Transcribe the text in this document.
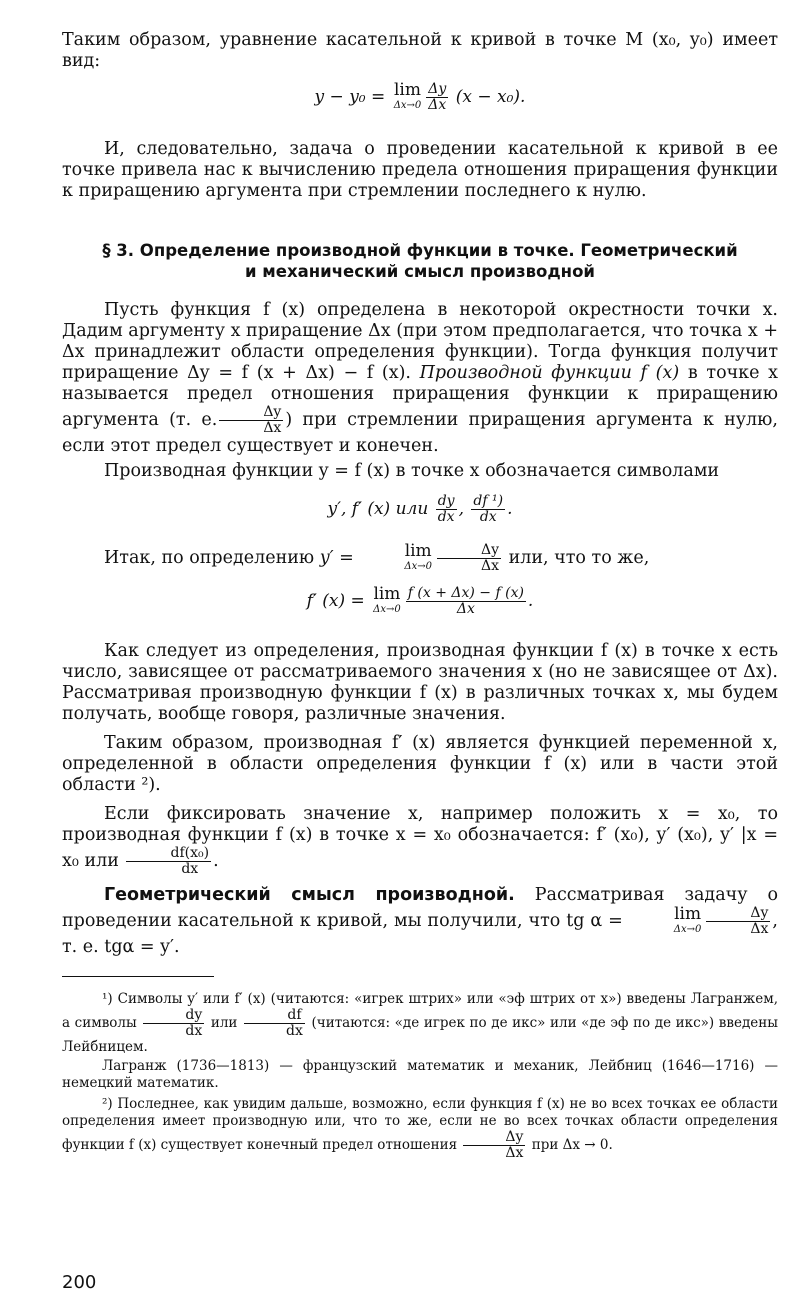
Таким образом, уравнение касательной к кривой в точке M (x₀, y₀) имеет вид:

y − y₀ = lim
$\Delta x\to 0 \frac{\Delta y}{\Delta x} (x - x_0)$.

И, следовательно, задача о проведении касательной к кривой в ее точке привела нас к вычислению предела отношения приращения функции к приращению аргумента при стремлении последнего к нулю.

§ 3. Определение производной функции в точке. Геометрический

и механический смысл производной

Пусть функция f (x) определена в некоторой окрестности точки x. Дадим аргументу x приращение Δx (при этом предполагается, что точка x + Δx принадлежит области определения функции). Тогда функция получит приращение Δy = f (x + Δx) − f (x). Производной функции f (x) в точке x называется предел отношения приращения функции к приращению аргумента (т. е. $\frac{\Delta y}{\Delta x}$ ) при стремлении приращения аргумента к нулю, если этот предел существует и конечен.

Производная функции y = f (x) в точке x обозначается символами

y′, f′ (x) или $\frac{dy}{dx}$ , $\frac{\text{df ¹)}}{dx}$ .

Итак, по определению y′ =	lim
$\Delta x\to 0 \frac{\Delta y}{\Delta x}$ или, что то же,

f′ (x) = lim
$\Delta x\to 0 \frac{f (x + \Delta x) - f (x)}{\Delta x}$ .

Как следует из определения, производная функции f (x) в точке x есть число, зависящее от рассматриваемого значения x (но не зависящее от Δx). Рассматривая производную функции f (x) в различных точках x, мы будем получать, вообще говоря, различные значения.

Таким образом, производная f′ (x) является функцией переменной x, определенной в области определения функции f (x) или в части этой области ²).

Если фиксировать значение x, например положить x = x₀, то производная функции f (x) в точке x = x₀ обозначается: f′ (x₀), y′ (x₀), y′ |x = x₀ или $\frac{\text{df(x₀)}}{dx}$ .

Геометрический смысл производной. Рассматривая задачу о проведении касательной к кривой, мы получили, что tg α =	lim
$\Delta x\to 0 \frac{\Delta y}{\Delta x}$ , т. е. tgα = y′.

¹) Символы y′ или f′ (x) (читаются: «игрек штрих» или «эф штрих от x») введены Лагранжем, а символы $\frac{dy}{dx}$ или $\frac{df}{dx}$ (читаются: «де игрек по де икс» или «де эф по де икс») введены Лейбницем.

Лагранж (1736—1813) — французский математик и механик, Лейбниц (1646—1716) — немецкий математик.

²) Последнее, как увидим дальше, возможно, если функция f (x) не во всех точках ее области определения имеет производную или, что то же, если не во всех точках области определения функции f (x) существует конечный предел отношения $\frac{\Delta y}{\Delta x}$ при Δx → 0.

200
